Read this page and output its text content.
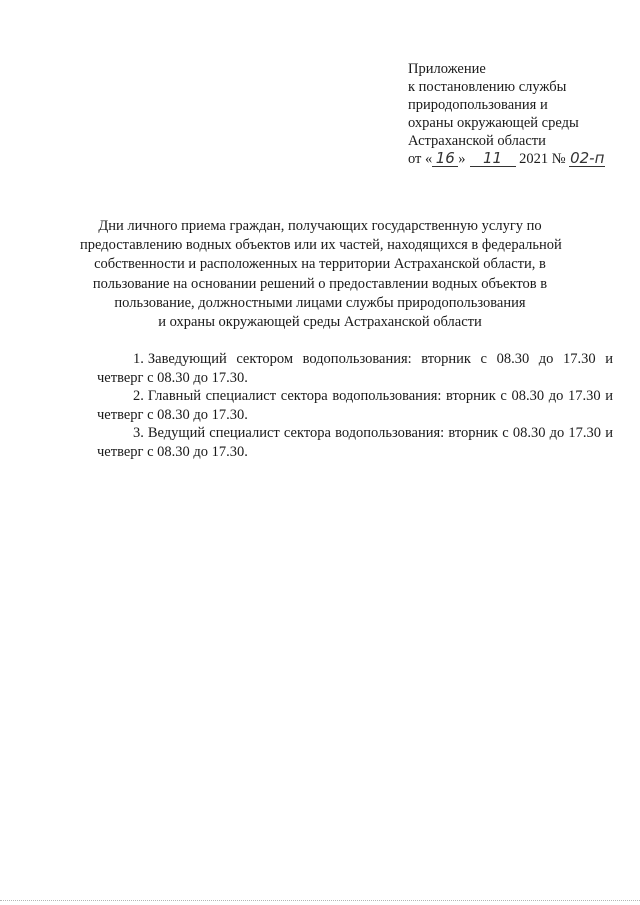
Приложение
к постановлению службы
природопользования и
охраны окружающей среды
Астраханской области
от « 16 » 11 2021 № 02-п
Дни личного приема граждан, получающих государственную услугу по
предоставлению водных объектов или их частей, находящихся в федеральной
собственности и расположенных на территории Астраханской области, в
пользование на основании решений о предоставлении водных объектов в
пользование, должностными лицами службы природопользования
и охраны окружающей среды Астраханской области

1. Заведующий сектором водопользования: вторник с 08.30 до 17.30 и четверг с 08.30 до 17.30.

2. Главный специалист сектора водопользования: вторник с 08.30 до 17.30 и четверг с 08.30 до 17.30.

3. Ведущий специалист сектора водопользования: вторник с 08.30 до 17.30 и четверг с 08.30 до 17.30.
